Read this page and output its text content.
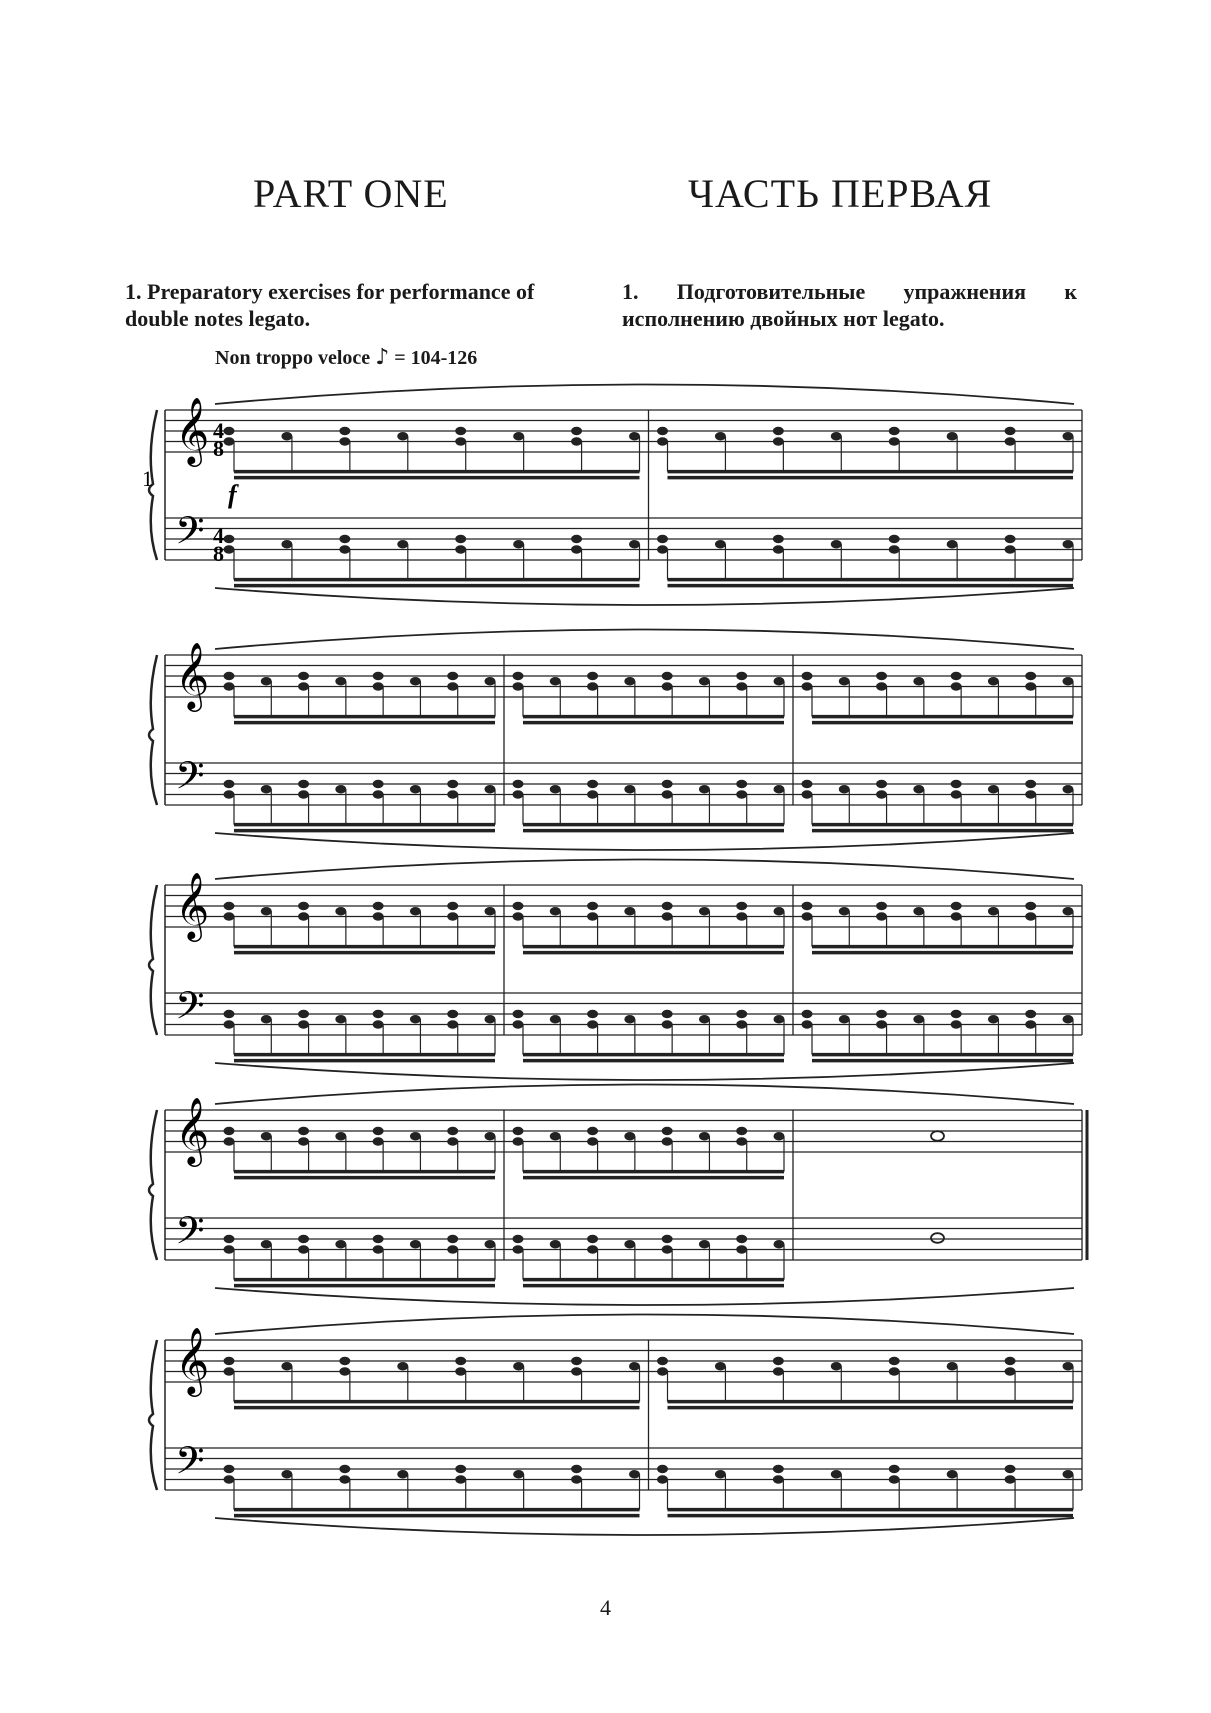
PART ONE	ЧАСТЬ ПЕРВАЯ

1. Preparatory exercises for performance of double notes legato.

1. Подготовительные упражнения к исполнению двойных нот legato.

Non troppo veloce ♪ = 104-126

𝄞
𝄢
𝄞
𝄢
𝄞
𝄢
𝄞
𝄢
𝄞
𝄢
1
4
8
4
8
f

4
